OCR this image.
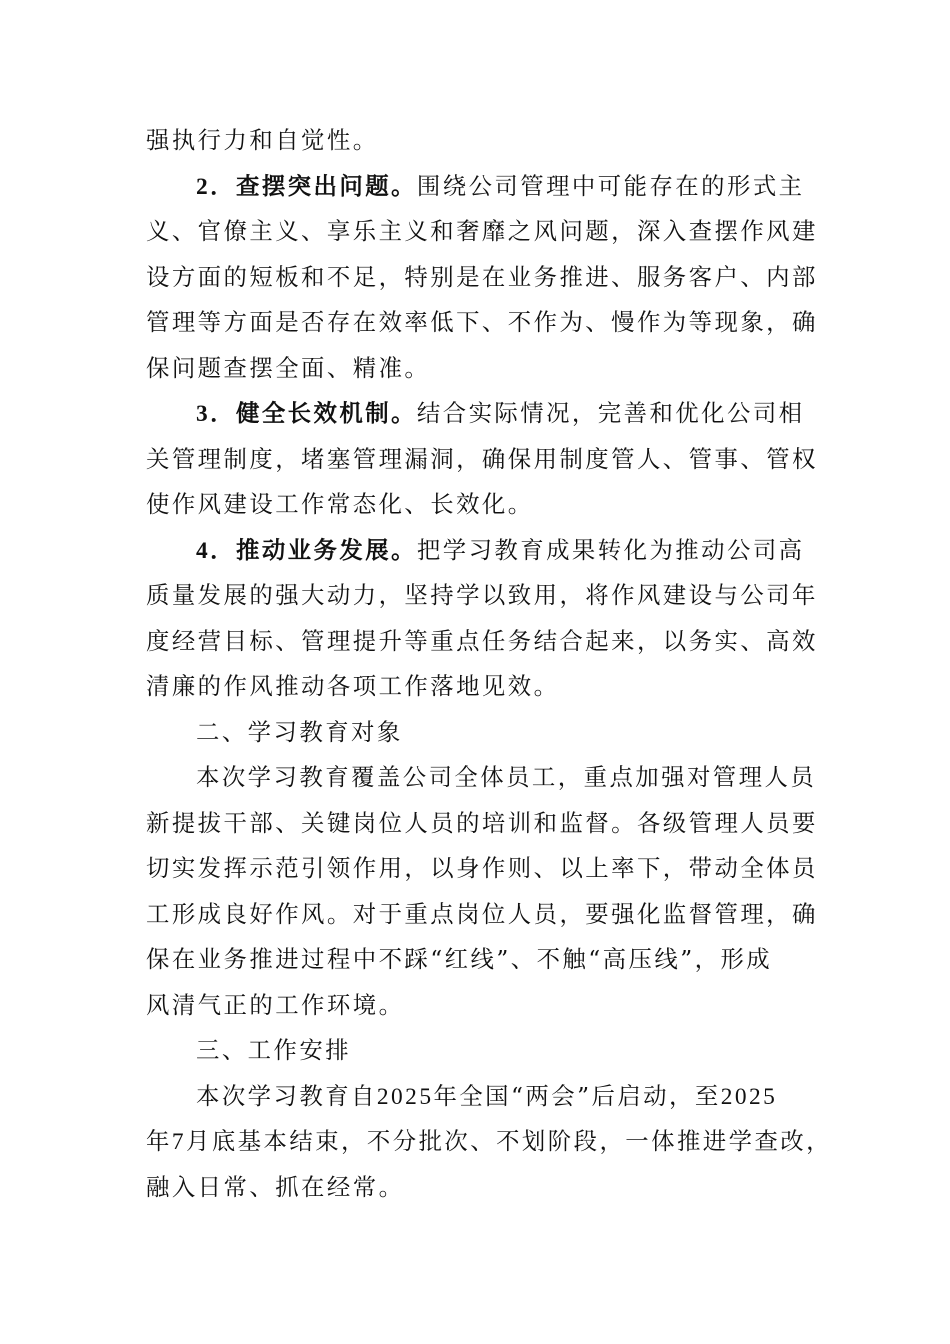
强执行力和自觉性。
2．查摆突出问题。围绕公司管理中可能存在的形式主
义、官僚主义、享乐主义和奢靡之风问题，深入查摆作风建
设方面的短板和不足，特别是在业务推进、服务客户、内部
管理等方面是否存在效率低下、不作为、慢作为等现象，确
保问题查摆全面、精准。
3．健全长效机制。结合实际情况，完善和优化公司相
关管理制度，堵塞管理漏洞，确保用制度管人、管事、管权
使作风建设工作常态化、长效化。
4．推动业务发展。把学习教育成果转化为推动公司高
质量发展的强大动力，坚持学以致用，将作风建设与公司年
度经营目标、管理提升等重点任务结合起来，以务实、高效
清廉的作风推动各项工作落地见效。
二、学习教育对象
本次学习教育覆盖公司全体员工，重点加强对管理人员
新提拔干部、关键岗位人员的培训和监督。各级管理人员要
切实发挥示范引领作用，以身作则、以上率下，带动全体员
工形成良好作风。对于重点岗位人员，要强化监督管理，确
保在业务推进过程中不踩“红线”、不触“高压线”，形成
风清气正的工作环境。
三、工作安排
本次学习教育自2025年全国“两会”后启动，至2025
年7月底基本结束，不分批次、不划阶段，一体推进学查改，
融入日常、抓在经常。
